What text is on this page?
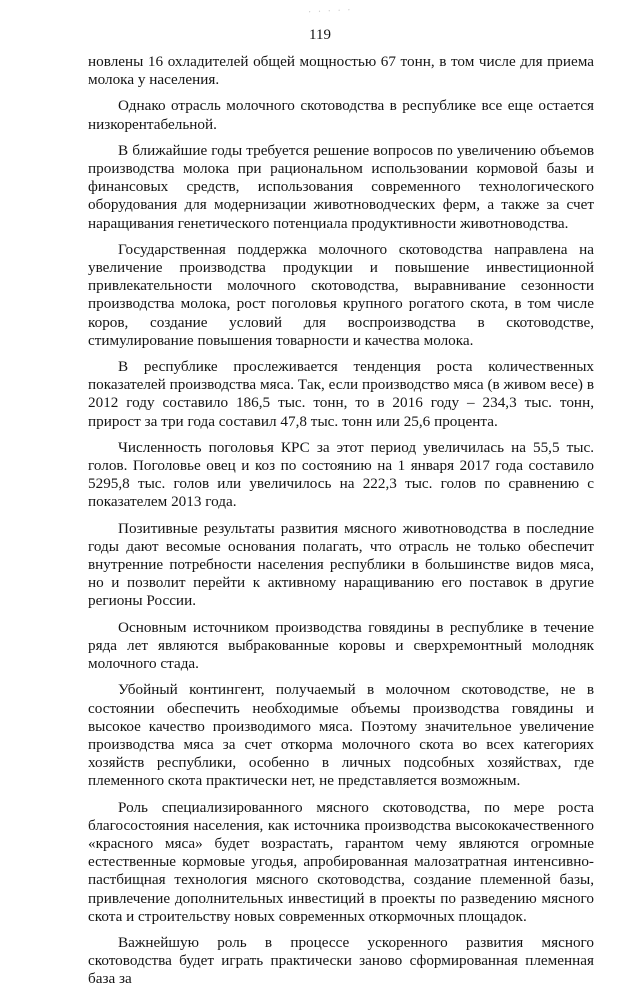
· · · · ·
119

новлены 16 охладителей общей мощностью 67 тонн, в том числе для приема молока у населения.

Однако отрасль молочного скотоводства в республике все еще остается низкорентабельной.

В ближайшие годы требуется решение вопросов по увеличению объемов производства молока при рациональном использовании кормовой базы и финансовых средств, использования современного технологического оборудования для модернизации животноводческих ферм, а также за счет наращивания генетического потенциала продуктивности животноводства.

Государственная поддержка молочного скотоводства направлена на увеличение производства продукции и повышение инвестиционной привлекательности молочного скотоводства, выравнивание сезонности производства молока, рост поголовья крупного рогатого скота, в том числе коров, создание условий для воспроизводства в скотоводстве, стимулирование повышения товарности и качества молока.

В республике прослеживается тенденция роста количественных показателей производства мяса. Так, если производство мяса (в живом весе) в 2012 году составило 186,5 тыс. тонн, то в 2016 году – 234,3 тыс. тонн, прирост за три года составил 47,8 тыс. тонн или 25,6 процента.

Численность поголовья КРС за этот период увеличилась на 55,5 тыс. голов. Поголовье овец и коз по состоянию на 1 января 2017 года составило 5295,8 тыс. голов или увеличилось на 222,3 тыс. голов по сравнению с показателем 2013 года.

Позитивные результаты развития мясного животноводства в последние годы дают весомые основания полагать, что отрасль не только обеспечит внутренние потребности населения республики в большинстве видов мяса, но и позволит перейти к активному наращиванию его поставок в другие регионы России.

Основным источником производства говядины в республике в течение ряда лет являются выбракованные коровы и сверхремонтный молодняк молочного стада.

Убойный контингент, получаемый в молочном скотоводстве, не в состоянии обеспечить необходимые объемы производства говядины и высокое качество производимого мяса. Поэтому значительное увеличение производства мяса за счет откорма молочного скота во всех категориях хозяйств республики, особенно в личных подсобных хозяйствах, где племенного скота практически нет, не представляется возможным.

Роль специализированного мясного скотоводства, по мере роста благосостояния населения, как источника производства высококачественного «красного мяса» будет возрастать, гарантом чему являются огромные естественные кормовые угодья, апробированная малозатратная интенсивно-пастбищная технология мясного скотоводства, создание племенной базы, привлечение дополнительных инвестиций в проекты по разведению мясного скота и строительству новых современных откормочных площадок.

Важнейшую роль в процессе ускоренного развития мясного скотоводства будет играть практически заново сформированная племенная база за
